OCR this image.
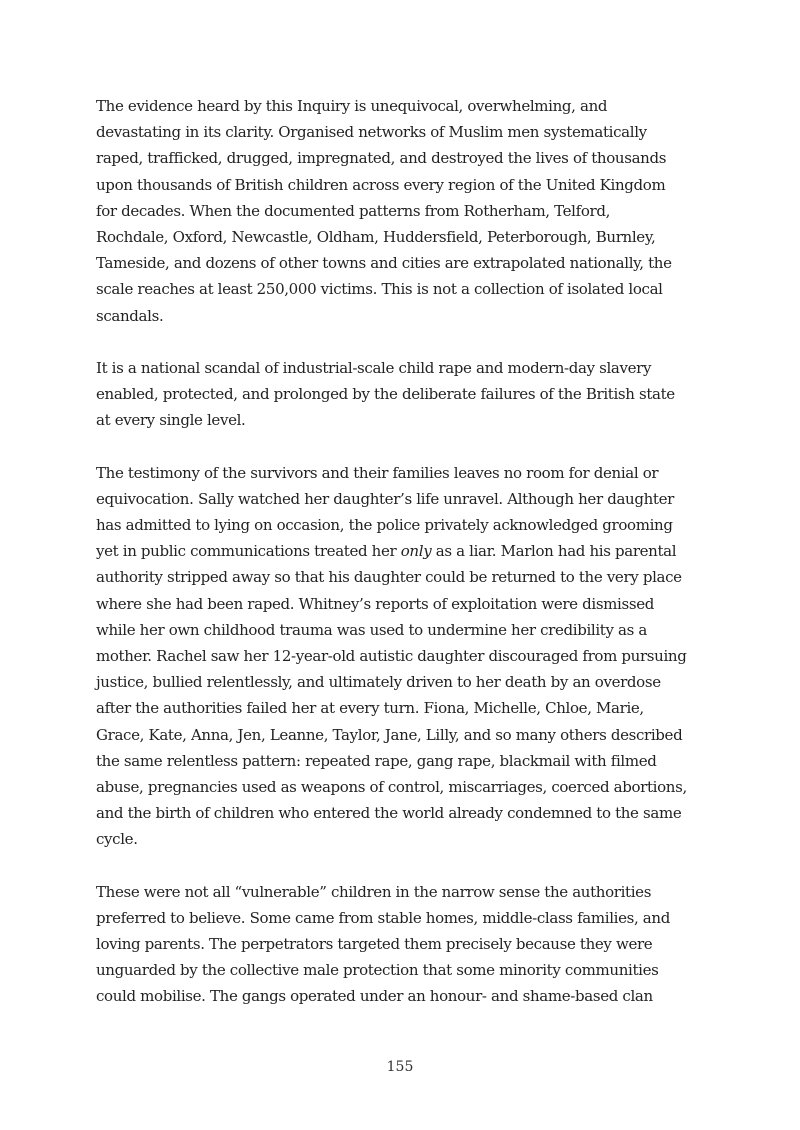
The evidence heard by this Inquiry is unequivocal, overwhelming, and
devastating in its clarity. Organised networks of Muslim men systematically
raped, trafficked, drugged, impregnated, and destroyed the lives of thousands
upon thousands of British children across every region of the United Kingdom
for decades. When the documented patterns from Rotherham, Telford,
Rochdale, Oxford, Newcastle, Oldham, Huddersfield, Peterborough, Burnley,
Tameside, and dozens of other towns and cities are extrapolated nationally, the
scale reaches at least 250,000 victims. This is not a collection of isolated local
scandals.
It is a national scandal of industrial-scale child rape and modern-day slavery
enabled, protected, and prolonged by the deliberate failures of the British state
at every single level.
The testimony of the survivors and their families leaves no room for denial or
equivocation. Sally watched her daughter’s life unravel. Although her daughter
has admitted to lying on occasion, the police privately acknowledged grooming
yet in public communications treated her only as a liar. Marlon had his parental
authority stripped away so that his daughter could be returned to the very place
where she had been raped. Whitney’s reports of exploitation were dismissed
while her own childhood trauma was used to undermine her credibility as a
mother. Rachel saw her 12-year-old autistic daughter discouraged from pursuing
justice, bullied relentlessly, and ultimately driven to her death by an overdose
after the authorities failed her at every turn. Fiona, Michelle, Chloe, Marie,
Grace, Kate, Anna, Jen, Leanne, Taylor, Jane, Lilly, and so many others described
the same relentless pattern: repeated rape, gang rape, blackmail with filmed
abuse, pregnancies used as weapons of control, miscarriages, coerced abortions,
and the birth of children who entered the world already condemned to the same
cycle.
These were not all “vulnerable” children in the narrow sense the authorities
preferred to believe. Some came from stable homes, middle-class families, and
loving parents. The perpetrators targeted them precisely because they were
unguarded by the collective male protection that some minority communities
could mobilise. The gangs operated under an honour- and shame-based clan
155
